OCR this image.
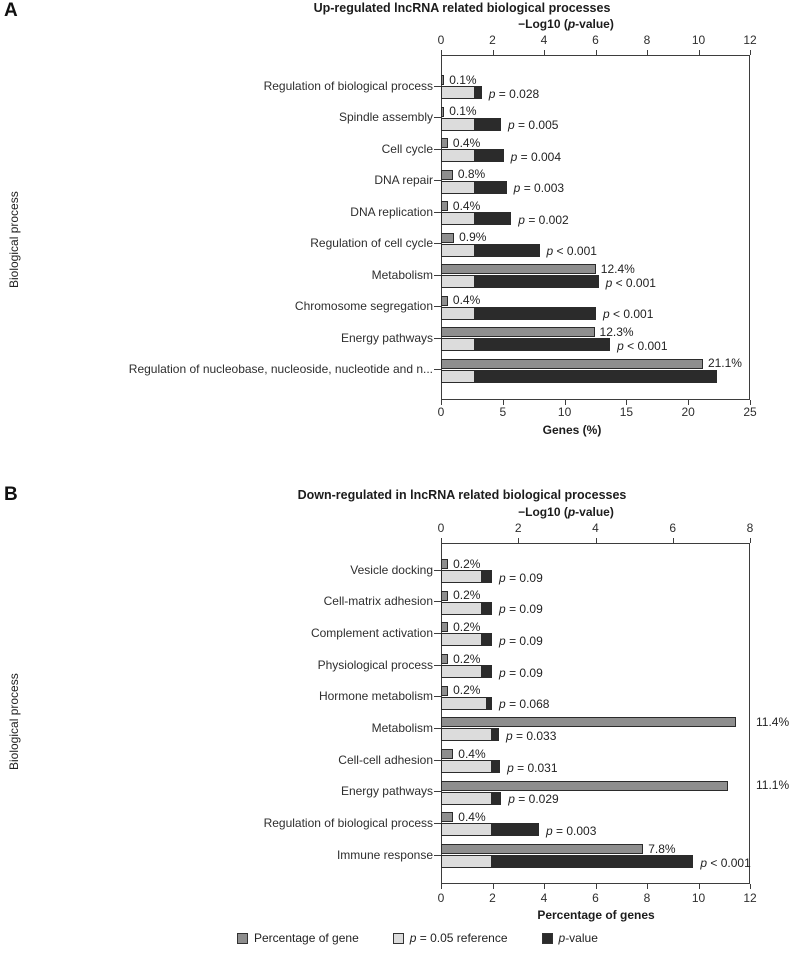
A	Up-regulated lncRNA related biological processes
−Log10 (p-value)
Biological process
Genes (%)
B	Down-regulated in lncRNA related biological processes
−Log10 (p-value)
Biological process
Percentage of genes
Percentage of gene	p = 0.05 reference	p-value
0	2	4	6	8	10	12
0	5	10	15	20	25
Regulation of biological process 0.1%
p = 0.028
Spindle assembly 0.1%
p = 0.005
Cell cycle 0.4%
p = 0.004
DNA repair 0.8%
p = 0.003
DNA replication 0.4%
p = 0.002
Regulation of cell cycle 0.9%
p < 0.001
Metabolism	12.4%
p < 0.001
Chromosome segregation 0.4%
p < 0.001
Energy pathways	12.3%
p < 0.001
Regulation of nucleobase, nucleoside, nucleotide and n...	21.1%
0	2	4	6	8
0	2	4	6	8	10	12
Vesicle docking 0.2%
p = 0.09
Cell-matrix adhesion 0.2%
p = 0.09
Complement activation 0.2%
p = 0.09
Physiological process 0.2%
p = 0.09
Hormone metabolism 0.2%
p = 0.068
Metabolism	11.4%
p = 0.033
Cell-cell adhesion 0.4%
p = 0.031
Energy pathways	11.1%
p = 0.029
Regulation of biological process 0.4%
p = 0.003
Immune response	7.8%
p < 0.001
